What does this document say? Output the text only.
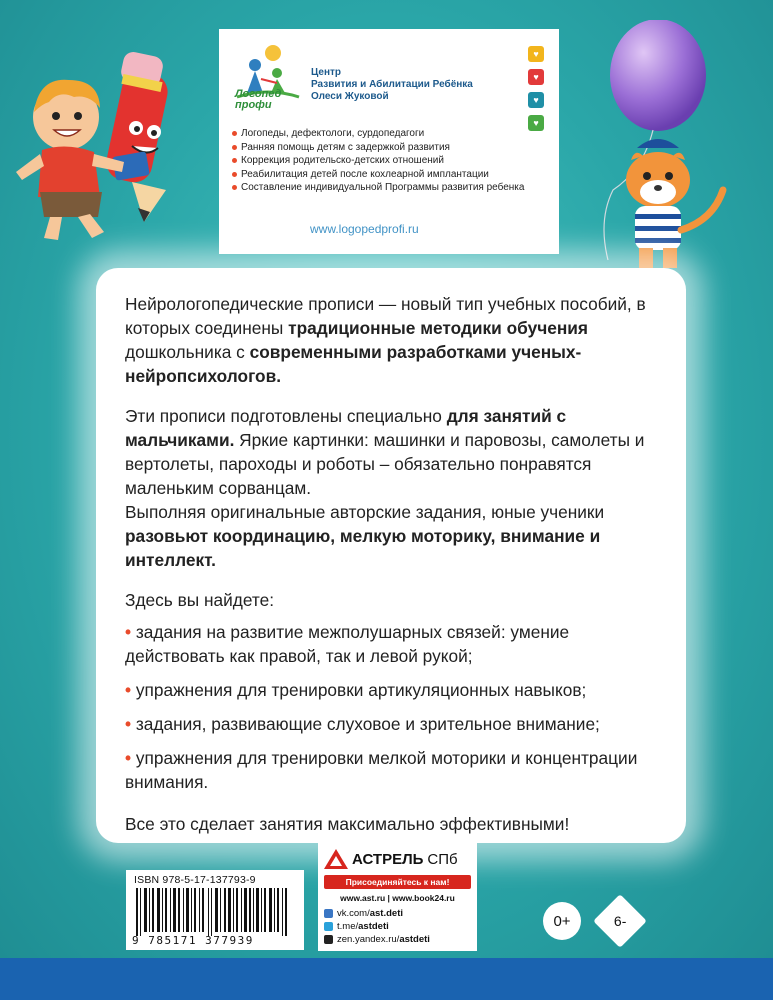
Логопед
профи
Центр
Развития и Абилитации Ребёнка
Олеси Жуковой
♥
♥
♥
♥
Логопеды, дефектологи, сурдопедагоги
Ранняя помощь детям с задержкой развития
Коррекция родительско-детских отношений
Реабилитация детей после кохлеарной имплантации
Составление индивидуальной Программы развития ребенка
www.logopedprofi.ru

Нейрологопедические прописи — новый тип учебных пособий, в которых соединены традиционные методики обучения дошкольника с современными разработками ученых-нейропсихологов.

Эти прописи подготовлены специально для занятий с мальчиками. Яркие картинки: машинки и паровозы, самолеты и вертолеты, пароходы и роботы – обязательно понравятся маленьким сорванцам.

Выполняя оригинальные авторские задания, юные ученики разовьют координацию, мелкую моторику, внимание и интеллект.

Здесь вы найдете:

• задания на развитие межполушарных связей: умение действовать как правой, так и левой рукой;
• упражнения для тренировки артикуляционных навыков;
• задания, развивающие слуховое и зрительное внимание;
• упражнения для тренировки мелкой моторики и концентрации внимания.

Все это сделает занятия максимально эффективными!

ISBN 978-5-17-137793-9
9 785171 377939
АСТРЕЛЬ СПб
Присоединяйтесь к нам!
www.ast.ru | www.book24.ru
vk.com/ast.deti
t.me/astdeti
zen.yandex.ru/astdeti
0+	6-
